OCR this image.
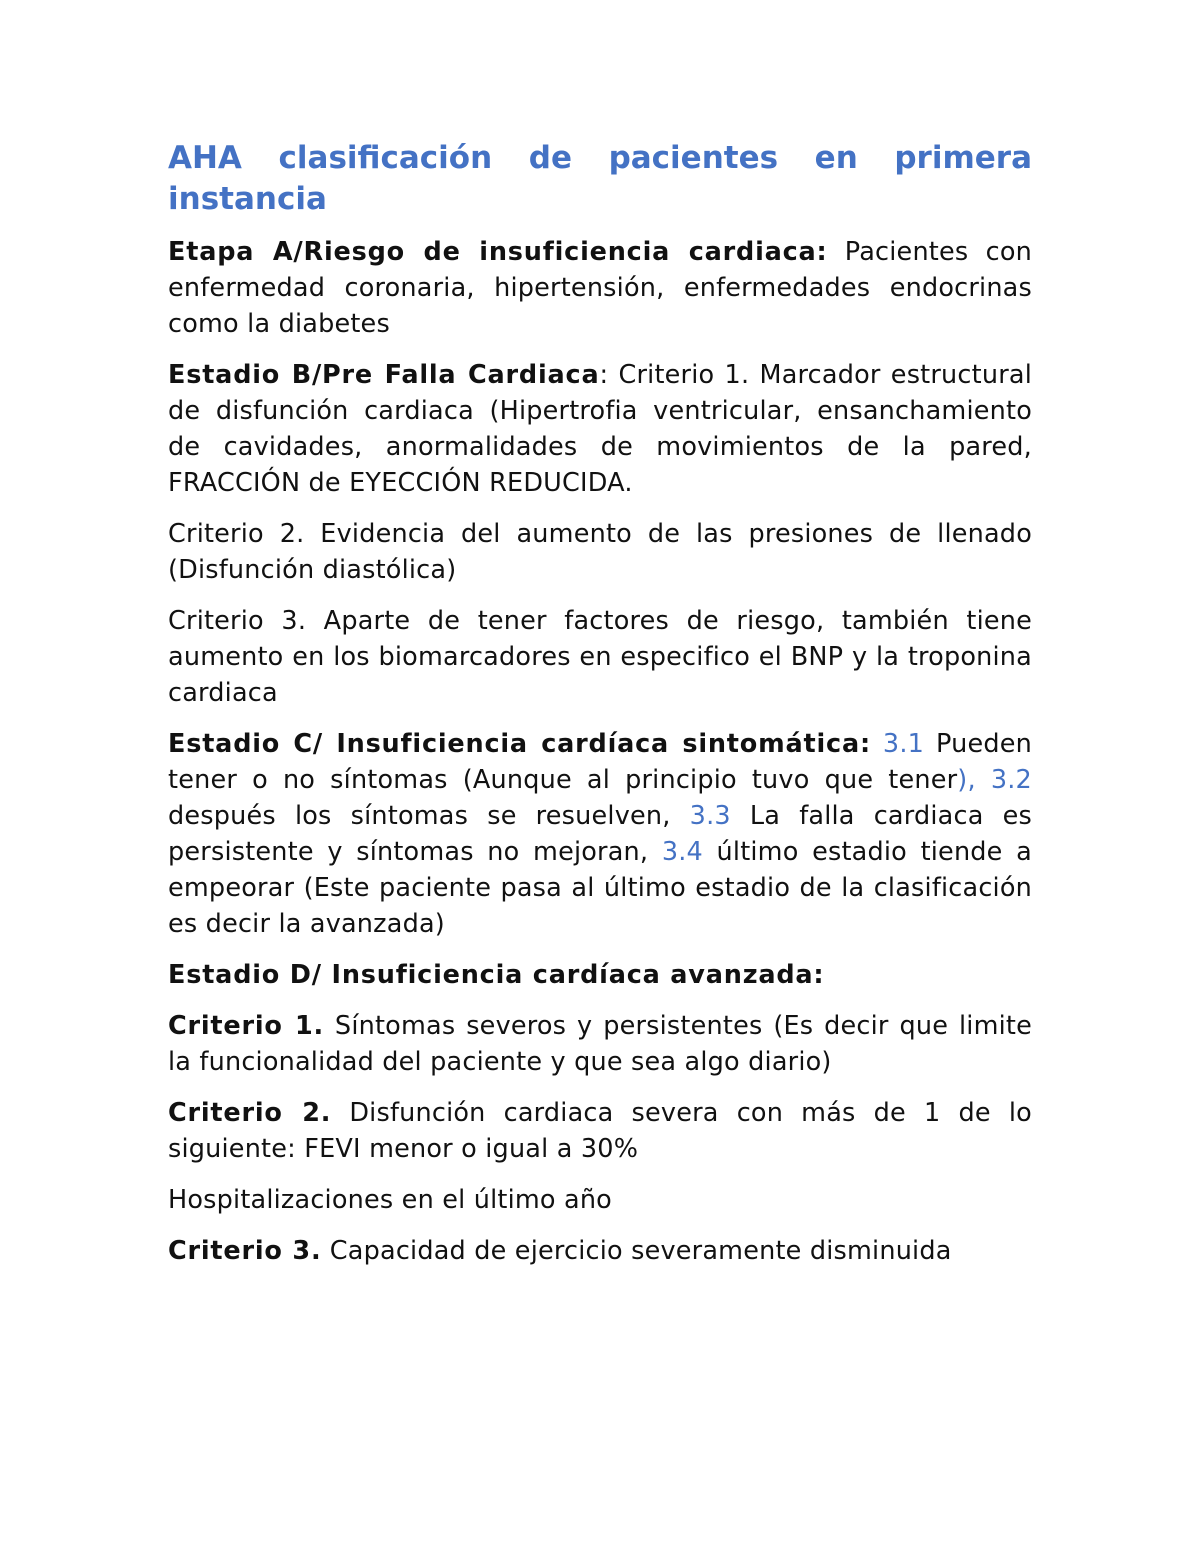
AHA clasificación de pacientes en primera instancia

Etapa A/Riesgo de insuficiencia cardiaca: Pacientes con enfermedad coronaria, hipertensión, enfermedades endocrinas como la diabetes

Estadio B/Pre Falla Cardiaca: Criterio 1. Marcador estructural de disfunción cardiaca (Hipertrofia ventricular, ensanchamiento de cavidades, anormalidades de movimientos de la pared, FRACCIÓN de EYECCIÓN REDUCIDA.

Criterio 2. Evidencia del aumento de las presiones de llenado (Disfunción diastólica)

Criterio 3. Aparte de tener factores de riesgo, también tiene aumento en los biomarcadores en especifico el BNP y la troponina cardiaca

Estadio C/ Insuficiencia cardíaca sintomática: 3.1 Pueden tener o no síntomas (Aunque al principio tuvo que tener), 3.2 después los síntomas se resuelven, 3.3 La falla cardiaca es persistente y síntomas no mejoran, 3.4 último estadio tiende a empeorar (Este paciente pasa al último estadio de la clasificación es decir la avanzada)

Estadio D/ Insuficiencia cardíaca avanzada:

Criterio 1. Síntomas severos y persistentes (Es decir que limite la funcionalidad del paciente y que sea algo diario)

Criterio 2. Disfunción cardiaca severa con más de 1 de lo siguiente: FEVI menor o igual a 30%

Hospitalizaciones en el último año

Criterio 3. Capacidad de ejercicio severamente disminuida
